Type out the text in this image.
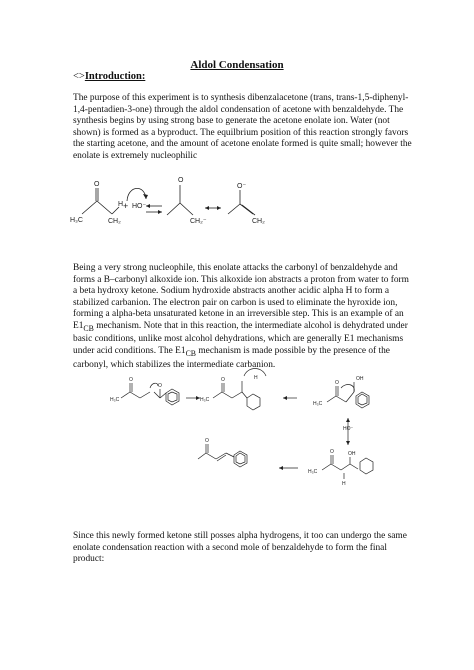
Aldol Condensation
<>Introduction:

The purpose of this experiment is to synthesis dibenzalacetone (trans, trans-1,5-diphenyl-1,4-pentadien-3-one) through the aldol condensation of acetone with benzaldehyde. The synthesis begins by using strong base to generate the acetone enolate ion. Water (not shown) is formed as a byproduct. The equilbrium position of this reaction strongly favors the starting acetone, and the amount of acetone enolate formed is quite small; however the enolate is extremely nucleophilic

Being a very strong nucleophile, this enolate attacks the carbonyl of benzaldehyde and forms a B–carbonyl alkoxide ion. This alkoxide ion abstracts a proton from water to form a beta hydroxy ketone. Sodium hydroxide abstracts another acidic alpha H to form a stabilized carbanion. The electron pair on carbon is used to eliminate the hyroxide ion, forming a alpha-beta unsaturated ketone in an irreversible step. This is an example of an $E1_{CB}$ mechanism. Note that in this reaction, the intermediate alcohol is dehydrated under basic conditions, unlike most alcohol dehydrations, which are generally E1 mechanisms under acid conditions. The $E1_{CB}$ mechanism is made possible by the presence of the carbonyl, which stabilizes the intermediate carbanion.

Since this newly formed ketone still posses alpha hydrogens, it too can undergo the same enolate condensation reaction with a second mole of benzaldehyde to form the final product:

O
H₃C	CH₂
H + HO⁻
O
CH₂⁻
O⁻
CH₂
H₃C
O
O
H₃C
O	H
H₃C
O
OH
HO⁻
H₃C
O	OH
H
O
